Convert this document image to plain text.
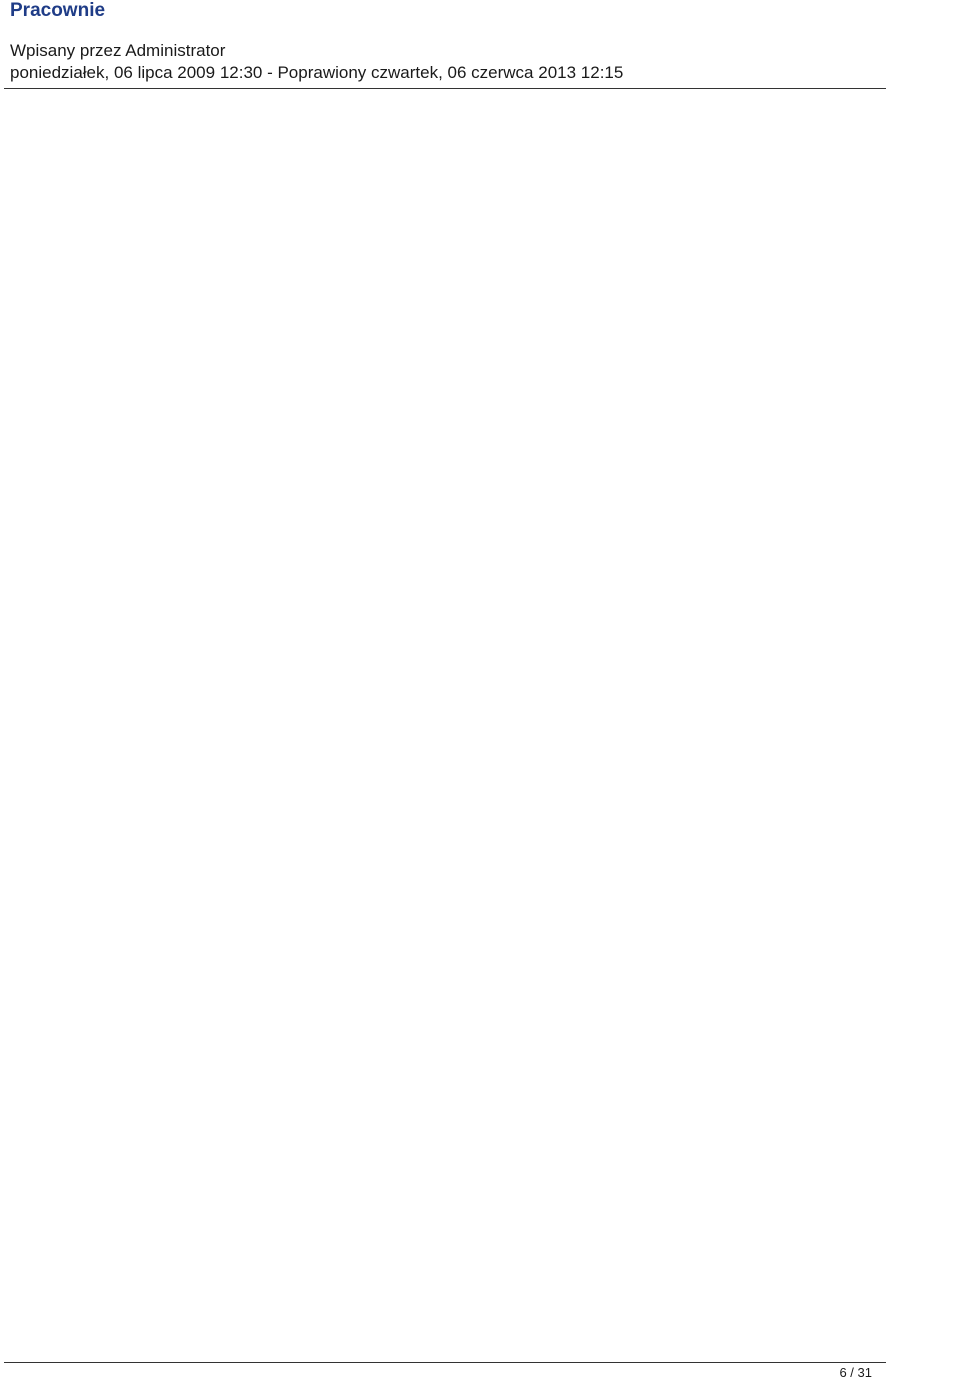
Pracownie
Wpisany przez Administrator
poniedziałek, 06 lipca 2009 12:30 - Poprawiony czwartek, 06 czerwca 2013 12:15
6 / 31
